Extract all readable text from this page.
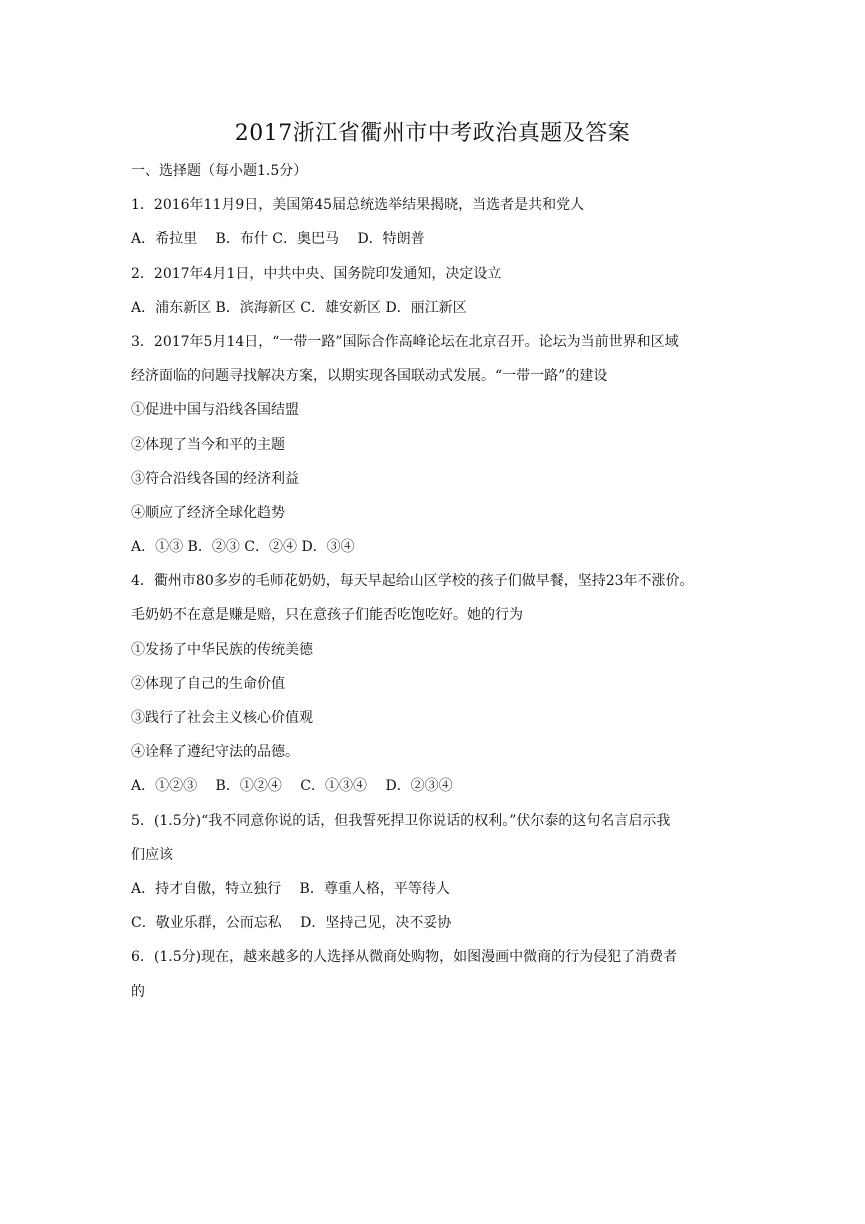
2017浙江省衢州市中考政治真题及答案
一、选择题（每小题1.5分）
1．2016年11月9日，美国第45届总统选举结果揭晓，当选者是共和党人
A．希拉里　 B．布什 C．奥巴马　 D．特朗普
2．2017年4月1日，中共中央、国务院印发通知，决定设立
A．浦东新区 B．滨海新区 C．雄安新区 D．丽江新区
3．2017年5月14日，“一带一路”国际合作高峰论坛在北京召开。论坛为当前世界和区域
经济面临的问题寻找解决方案，以期实现各国联动式发展。“一带一路”的建设
①促进中国与沿线各国结盟
②体现了当今和平的主题
③符合沿线各国的经济利益
④顺应了经济全球化趋势
A．①③ B．②③ C．②④ D．③④
4．衢州市80多岁的毛师花奶奶，每天早起给山区学校的孩子们做早餐，坚持23年不涨价。
毛奶奶不在意是赚是赔，只在意孩子们能否吃饱吃好。她的行为
①发扬了中华民族的传统美德
②体现了自己的生命价值
③践行了社会主义核心价值观
④诠释了遵纪守法的品德。
A．①②③　 B．①②④　 C．①③④　 D．②③④
5．(1.5分)“我不同意你说的话，但我誓死捍卫你说话的权利。”伏尔泰的这句名言启示我
们应该
A．持才自傲，特立独行　 B．尊重人格，平等待人
C．敬业乐群，公而忘私　 D．坚持己见，决不妥协
6．(1.5分)现在，越来越多的人选择从微商处购物，如图漫画中微商的行为侵犯了消费者
的
